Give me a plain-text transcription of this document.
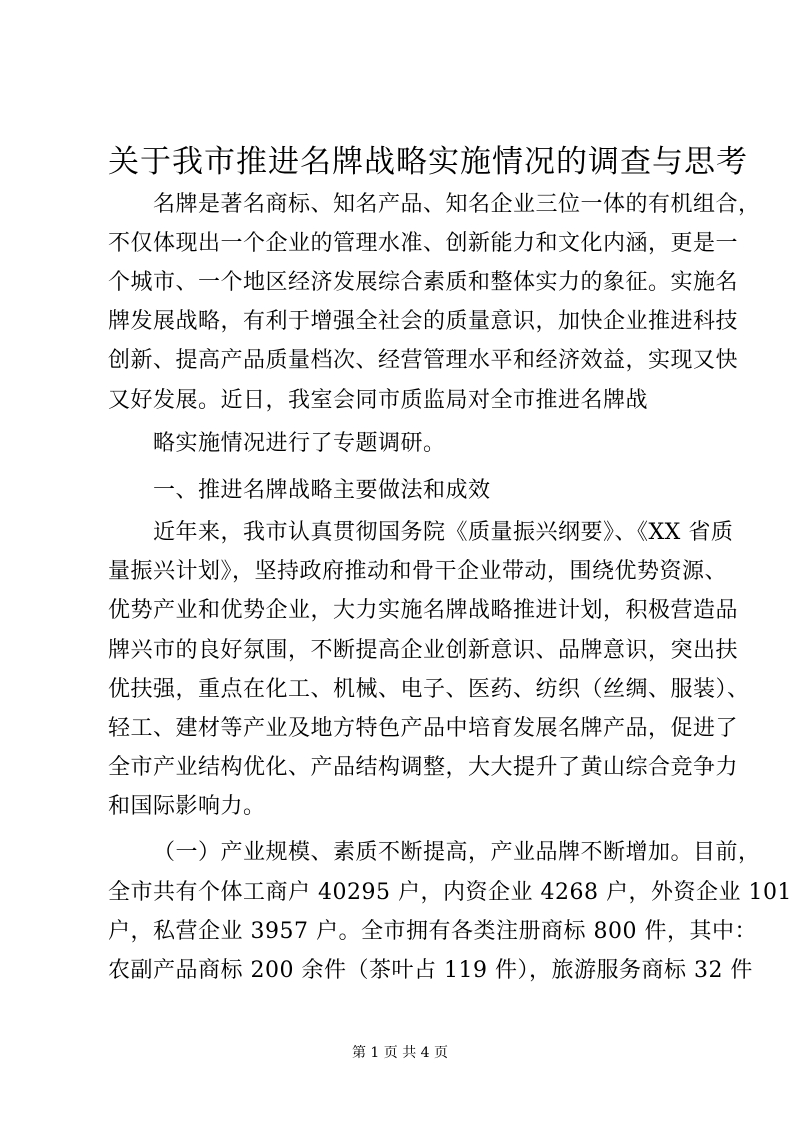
关于我市推进名牌战略实施情况的调查与思考
名牌是著名商标、知名产品、知名企业三位一体的有机组合，
不仅体现出一个企业的管理水准、创新能力和文化内涵，更是一
个城市、一个地区经济发展综合素质和整体实力的象征。实施名
牌发展战略，有利于增强全社会的质量意识，加快企业推进科技
创新、提高产品质量档次、经营管理水平和经济效益，实现又快
又好发展。近日，我室会同市质监局对全市推进名牌战
略实施情况进行了专题调研。
一、推进名牌战略主要做法和成效
近年来，我市认真贯彻国务院《质量振兴纲要》、《XX 省质
量振兴计划》，坚持政府推动和骨干企业带动，围绕优势资源、
优势产业和优势企业，大力实施名牌战略推进计划，积极营造品
牌兴市的良好氛围，不断提高企业创新意识、品牌意识，突出扶
优扶强，重点在化工、机械、电子、医药、纺织（丝绸、服装）、
轻工、建材等产业及地方特色产品中培育发展名牌产品，促进了
全市产业结构优化、产品结构调整，大大提升了黄山综合竞争力
和国际影响力。
（一）产业规模、素质不断提高，产业品牌不断增加。目前，
全市共有个体工商户 40295 户，内资企业 4268 户，外资企业 101
户，私营企业 3957 户。全市拥有各类注册商标 800 件，其中：
农副产品商标 200 余件（茶叶占 119 件），旅游服务商标 32 件
第 1 页 共 4 页
